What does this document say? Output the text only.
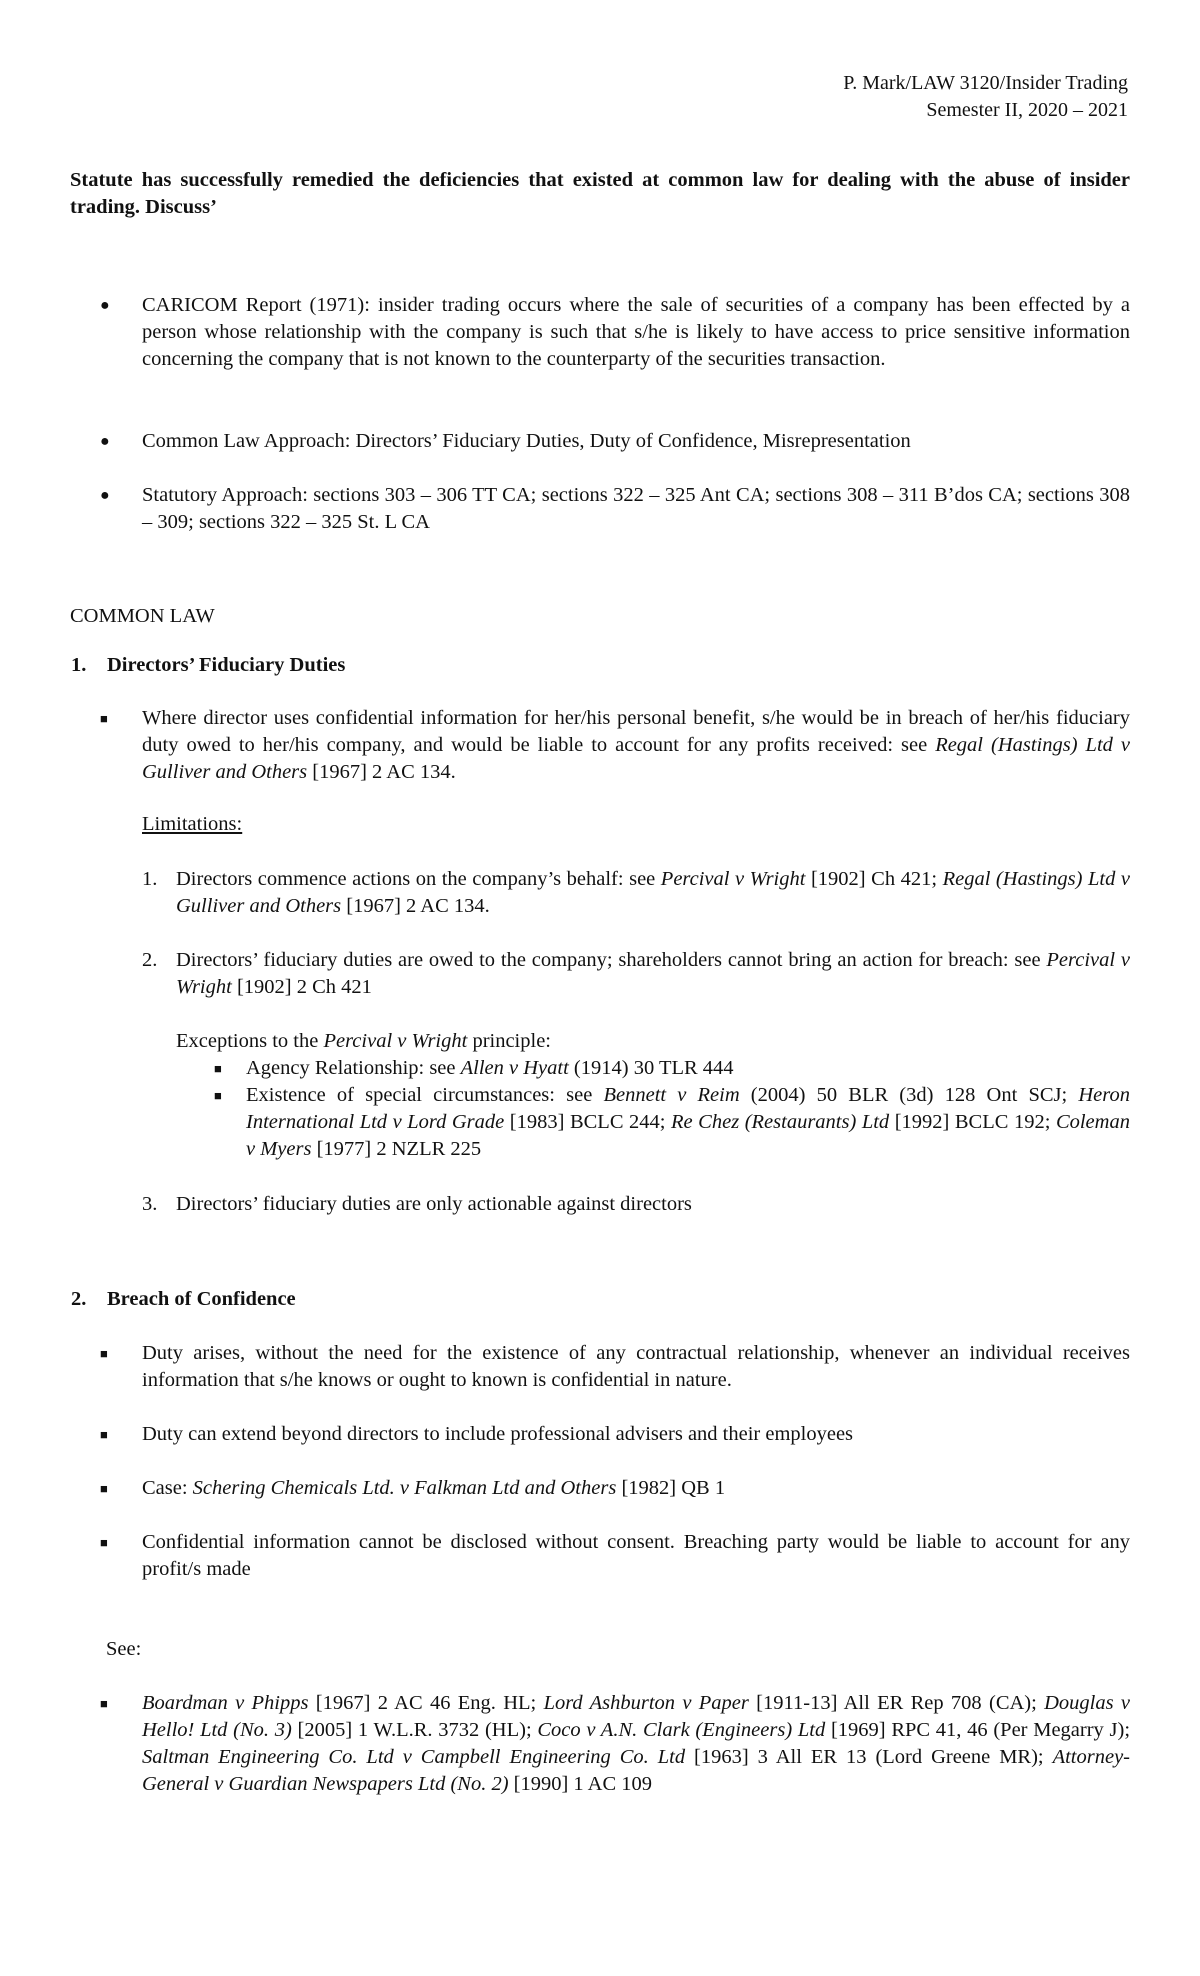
P. Mark/LAW 3120/Insider Trading
Semester II, 2020 – 2021
Statute has successfully remedied the deficiencies that existed at common law for dealing with the abuse of insider trading. Discuss’
● CARICOM Report (1971): insider trading occurs where the sale of securities of a company has been effected by a person whose relationship with the company is such that s/he is likely to have access to price sensitive information concerning the company that is not known to the counterparty of the securities transaction.
● Common Law Approach: Directors’ Fiduciary Duties, Duty of Confidence, Misrepresentation
● Statutory Approach: sections 303 – 306 TT CA; sections 322 – 325 Ant CA; sections 308 – 311 B’dos CA; sections 308 – 309; sections 322 – 325 St. L CA
COMMON LAW
1. Directors’ Fiduciary Duties
■ Where director uses confidential information for her/his personal benefit, s/he would be in breach of her/his fiduciary duty owed to her/his company, and would be liable to account for any profits received: see Regal (Hastings) Ltd v Gulliver and Others [1967] 2 AC 134.
Limitations:
1. Directors commence actions on the company’s behalf: see Percival v Wright [1902] Ch 421; Regal (Hastings) Ltd v Gulliver and Others [1967] 2 AC 134.
2. Directors’ fiduciary duties are owed to the company; shareholders cannot bring an action for breach: see Percival v Wright [1902] 2 Ch 421
Exceptions to the Percival v Wright principle:
■ Agency Relationship: see Allen v Hyatt (1914) 30 TLR 444
■ Existence of special circumstances: see Bennett v Reim (2004) 50 BLR (3d) 128 Ont SCJ; Heron International Ltd v Lord Grade [1983] BCLC 244; Re Chez (Restaurants) Ltd [1992] BCLC 192; Coleman v Myers [1977] 2 NZLR 225
3. Directors’ fiduciary duties are only actionable against directors
2. Breach of Confidence
■ Duty arises, without the need for the existence of any contractual relationship, whenever an individual receives information that s/he knows or ought to known is confidential in nature.
■ Duty can extend beyond directors to include professional advisers and their employees
■ Case: Schering Chemicals Ltd. v Falkman Ltd and Others [1982] QB 1
■ Confidential information cannot be disclosed without consent. Breaching party would be liable to account for any profit/s made
See:
■ Boardman v Phipps [1967] 2 AC 46 Eng. HL; Lord Ashburton v Paper [1911-13] All ER Rep 708 (CA); Douglas v Hello! Ltd (No. 3) [2005] 1 W.L.R. 3732 (HL); Coco v A.N. Clark (Engineers) Ltd [1969] RPC 41, 46 (Per Megarry J); Saltman Engineering Co. Ltd v Campbell Engineering Co. Ltd [1963] 3 All ER 13 (Lord Greene MR); Attorney-General v Guardian Newspapers Ltd (No. 2) [1990] 1 AC 109
